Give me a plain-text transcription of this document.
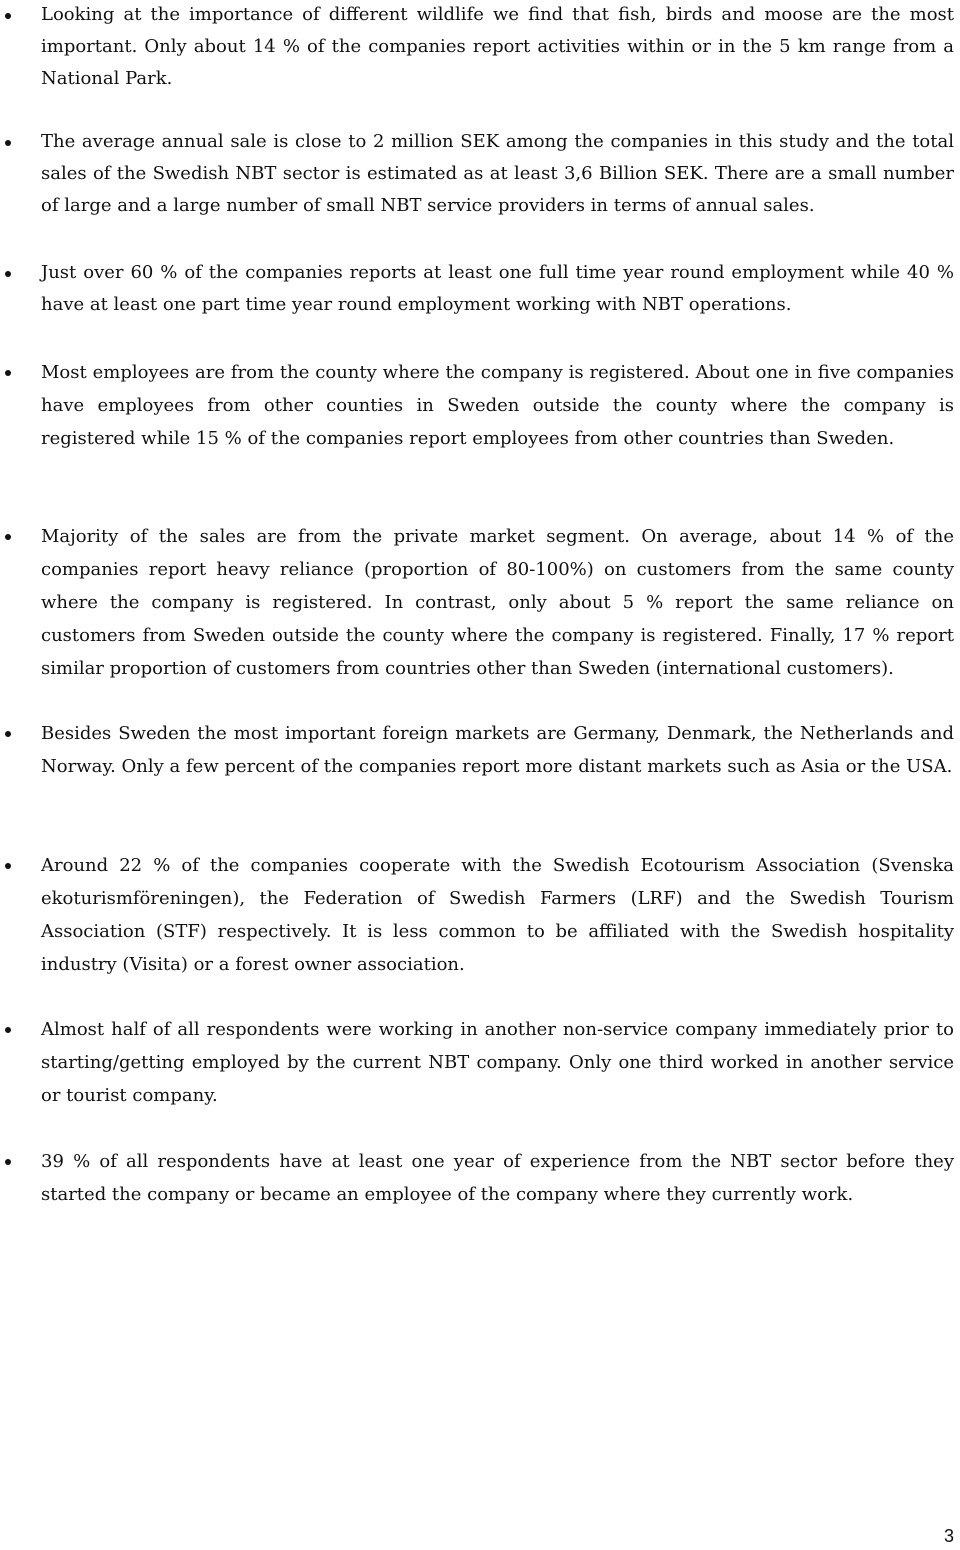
Looking at the importance of different wildlife we find that fish, birds and moose are the most important. Only about 14 % of the companies report activities within or in the 5 km range from a National Park.
The average annual sale is close to 2 million SEK among the companies in this study and the total sales of the Swedish NBT sector is estimated as at least 3,6 Billion SEK. There are a small number of large and a large number of small NBT service providers in terms of annual sales.
Just over 60 % of the companies reports at least one full time year round employment while 40 % have at least one part time year round employment working with NBT operations.
Most employees are from the county where the company is registered. About one in five companies have employees from other counties in Sweden outside the county where the company is registered while 15 % of the companies report employees from other countries than Sweden.
Majority of the sales are from the private market segment. On average, about 14 % of the companies report heavy reliance (proportion of 80-100%) on customers from the same county where the company is registered. In contrast, only about 5 % report the same reliance on customers from Sweden outside the county where the company is registered. Finally, 17 % report similar proportion of customers from countries other than Sweden (international customers).
Besides Sweden the most important foreign markets are Germany, Denmark, the Netherlands and Norway. Only a few percent of the companies report more distant markets such as Asia or the USA.
Around 22 % of the companies cooperate with the Swedish Ecotourism Association (Svenska ekoturismföreningen), the Federation of Swedish Farmers (LRF) and the Swedish Tourism Association (STF) respectively. It is less common to be affiliated with the Swedish hospitality industry (Visita) or a forest owner association.
Almost half of all respondents were working in another non-service company immediately prior to starting/getting employed by the current NBT company. Only one third worked in another service or tourist company.
39 % of all respondents have at least one year of experience from the NBT sector before they started the company or became an employee of the company where they currently work.
3
